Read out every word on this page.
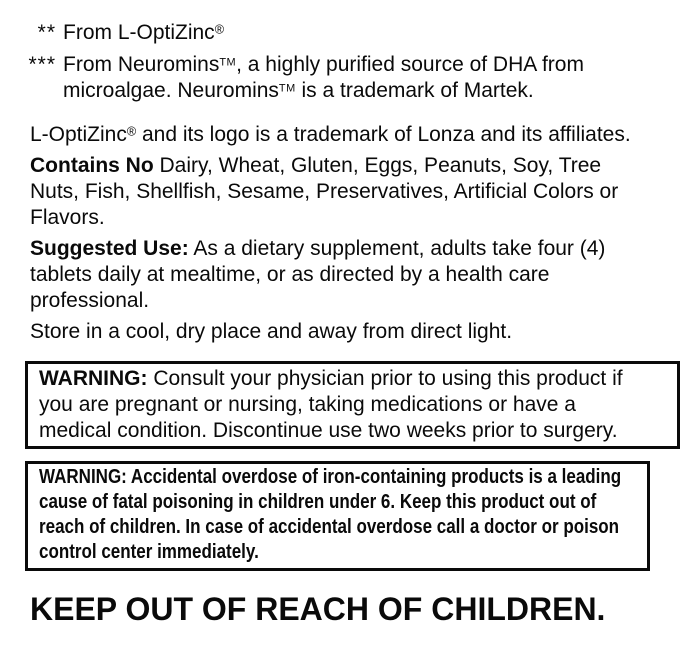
** From L-OptiZinc®
*** From Neuromins™, a highly purified source of DHA from microalgae. Neuromins™ is a trademark of Martek.

L-OptiZinc® and its logo is a trademark of Lonza and its affiliates.

Contains No Dairy, Wheat, Gluten, Eggs, Peanuts, Soy, Tree Nuts, Fish, Shellfish, Sesame, Preservatives, Artificial Colors or Flavors.

Suggested Use: As a dietary supplement, adults take four (4) tablets daily at mealtime, or as directed by a health care professional.

Store in a cool, dry place and away from direct light.

WARNING: Consult your physician prior to using this product if you are pregnant or nursing, taking medications or have a medical condition. Discontinue use two weeks prior to surgery.
WARNING: Accidental overdose of iron-containing products is a leading cause of fatal poisoning in children under 6. Keep this product out of reach of children. In case of accidental overdose call a doctor or poison control center immediately.
KEEP OUT OF REACH OF CHILDREN.
